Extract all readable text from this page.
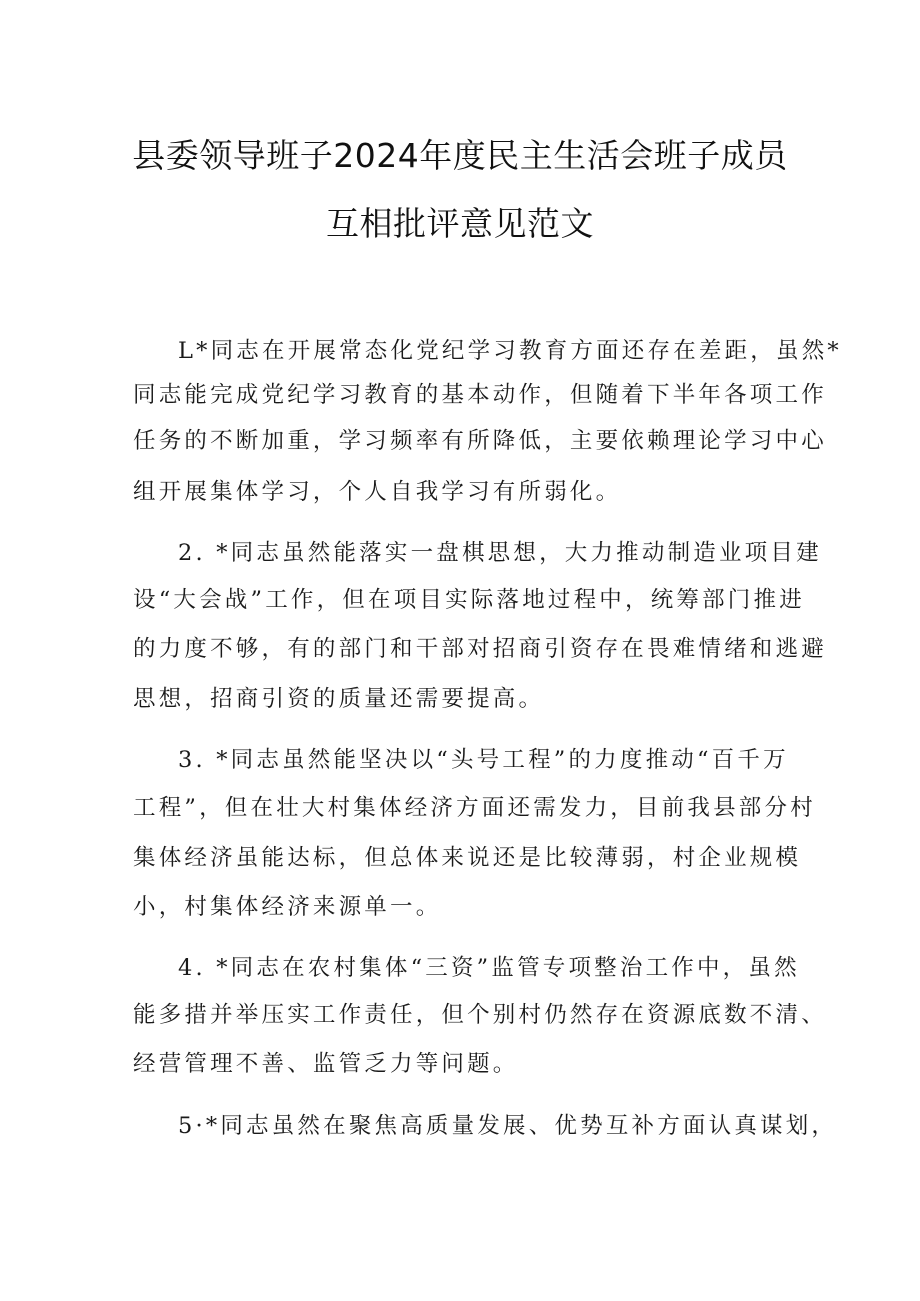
县委领导班子2024年度民主生活会班子成员
互相批评意见范文
L*同志在开展常态化党纪学习教育方面还存在差距，虽然*
同志能完成党纪学习教育的基本动作，但随着下半年各项工作
任务的不断加重，学习频率有所降低，主要依赖理论学习中心
组开展集体学习，个人自我学习有所弱化。
2. *同志虽然能落实一盘棋思想，大力推动制造业项目建
设“大会战”工作，但在项目实际落地过程中，统筹部门推进
的力度不够，有的部门和干部对招商引资存在畏难情绪和逃避
思想，招商引资的质量还需要提高。
3. *同志虽然能坚决以“头号工程”的力度推动“百千万
工程”，但在壮大村集体经济方面还需发力，目前我县部分村
集体经济虽能达标，但总体来说还是比较薄弱，村企业规模
小，村集体经济来源单一。
4. *同志在农村集体“三资”监管专项整治工作中，虽然
能多措并举压实工作责任，但个别村仍然存在资源底数不清、
经营管理不善、监管乏力等问题。
5·*同志虽然在聚焦高质量发展、优势互补方面认真谋划，
